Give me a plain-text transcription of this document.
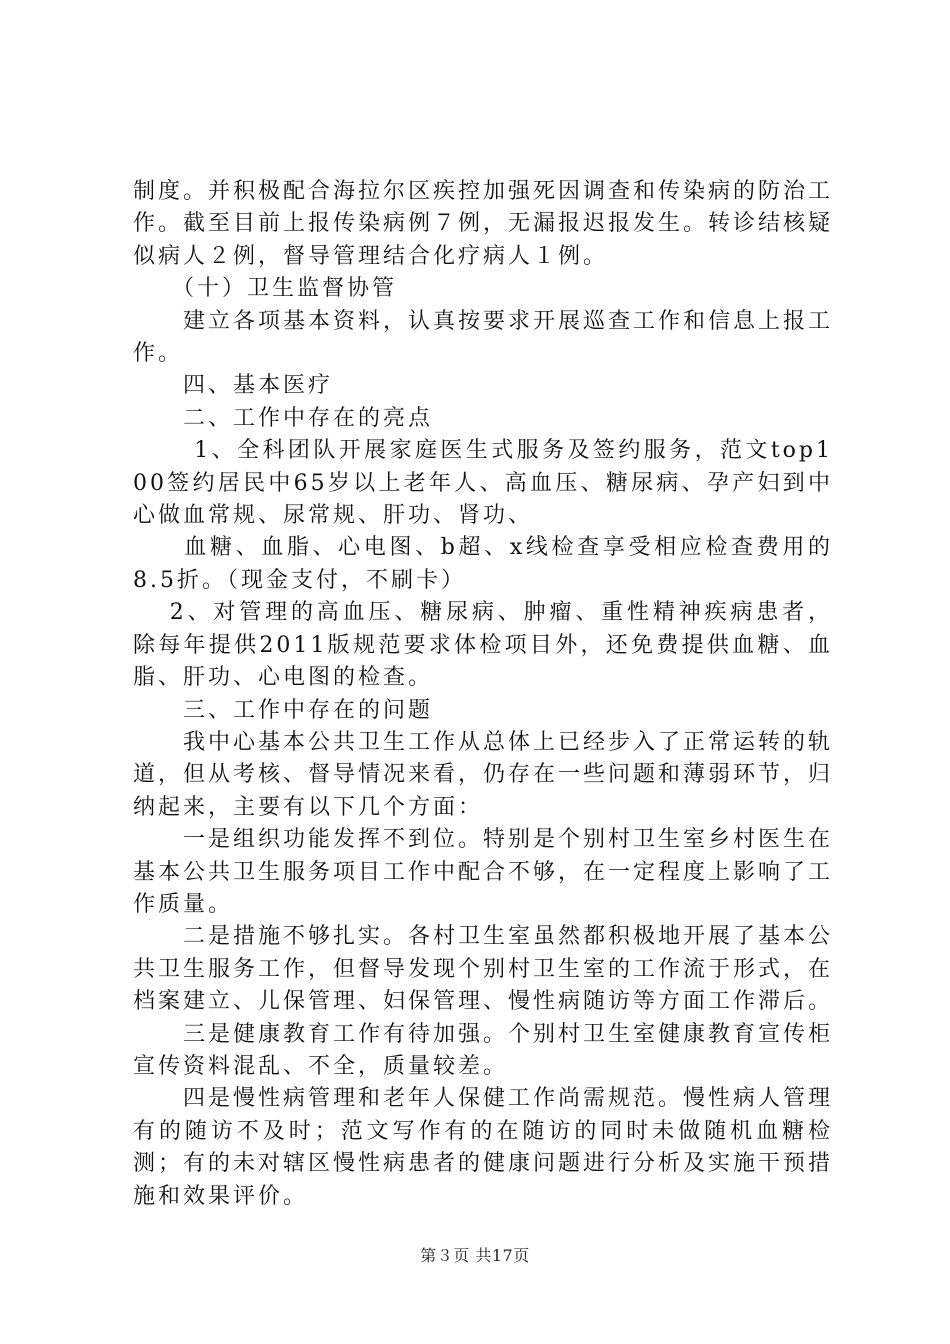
制度。并积极配合海拉尔区疾控加强死因调查和传染病的防治工作。截至目前上报传染病例７例，无漏报迟报发生。转诊结核疑似病人２例，督导管理结合化疗病人１例。

　　（十）卫生监督协管

　　建立各项基本资料，认真按要求开展巡查工作和信息上报工作。

　　四、基本医疗

　　二、工作中存在的亮点

　　 1、全科团队开展家庭医生式服务及签约服务，范文top100签约居民中65岁以上老年人、高血压、糖尿病、孕产妇到中心做血常规、尿常规、肝功、肾功、

　　血糖、血脂、心电图、b超、x线检查享受相应检查费用的8.5折。（现金支付，不刷卡）

　 2、对管理的高血压、糖尿病、肿瘤、重性精神疾病患者，除每年提供2011版规范要求体检项目外，还免费提供血糖、血脂、肝功、心电图的检查。

　　三、工作中存在的问题

　　我中心基本公共卫生工作从总体上已经步入了正常运转的轨道，但从考核、督导情况来看，仍存在一些问题和薄弱环节，归纳起来，主要有以下几个方面：

　　一是组织功能发挥不到位。特别是个别村卫生室乡村医生在基本公共卫生服务项目工作中配合不够，在一定程度上影响了工作质量。

　　二是措施不够扎实。各村卫生室虽然都积极地开展了基本公共卫生服务工作，但督导发现个别村卫生室的工作流于形式，在档案建立、儿保管理、妇保管理、慢性病随访等方面工作滞后。

　　三是健康教育工作有待加强。个别村卫生室健康教育宣传柜宣传资料混乱、不全，质量较差。

　　四是慢性病管理和老年人保健工作尚需规范。慢性病人管理有的随访不及时；范文写作有的在随访的同时未做随机血糖检测；有的未对辖区慢性病患者的健康问题进行分析及实施干预措施和效果评价。

第３页 共17页
